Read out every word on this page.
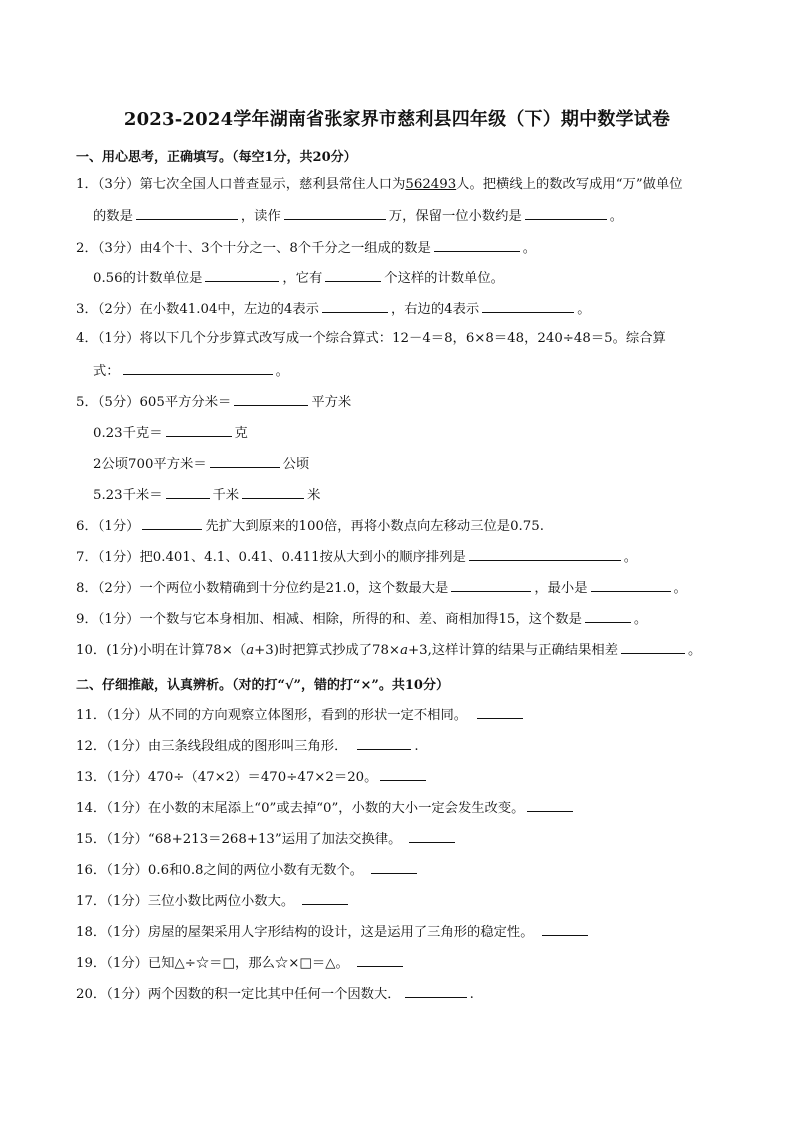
2023-2024学年湖南省张家界市慈利县四年级（下）期中数学试卷
一、用心思考，正确填写。（每空1分，共20分）
1．（3分）第七次全国人口普查显示，慈利县常住人口为562493人。把横线上的数改写成用“万”做单位
的数是	，读作	万，保留一位小数约是	。
2．（3分）由4个十、3个十分之一、8个千分之一组成的数是	。
0.56的计数单位是	，它有	个这样的计数单位。
3．（2分）在小数41.04中，左边的4表示	，右边的4表示	。
4．（1分）将以下几个分步算式改写成一个综合算式：12－4＝8，6×8＝48，240÷48＝5。综合算
式：	。
5．（5分）605平方分米＝	平方米
0.23千克＝	克
2公顷700平方米＝	公顷
5.23千米＝	千米	米
6．（1分）	先扩大到原来的100倍，再将小数点向左移动三位是0.75.
7．（1分）把0.401、4.1、0.41、0.411按从大到小的顺序排列是	。
8．（2分）一个两位小数精确到十分位约是21.0，这个数最大是	，最小是	。
9．（1分）一个数与它本身相加、相减、相除，所得的和、差、商相加得15，这个数是	。
10．(1分)小明在计算78×（a+3)时把算式抄成了78×a+3,这样计算的结果与正确结果相差	。
二、仔细推敲，认真辨析。（对的打“√”，错的打“×”。共10分）
11．（1分）从不同的方向观察立体图形，看到的形状一定不相同。
12．（1分）由三条线段组成的图形叫三角形．	.
13．（1分）470÷（47×2）＝470÷47×2＝20。
14．（1分）在小数的末尾添上“0”或去掉“0”，小数的大小一定会发生改变。
15．（1分）“68+213＝268+13”运用了加法交换律。
16．（1分）0.6和0.8之间的两位小数有无数个。
17．（1分）三位小数比两位小数大。
18．（1分）房屋的屋架采用人字形结构的设计，这是运用了三角形的稳定性。
19．（1分）已知△÷☆＝□，那么☆×□＝△。
20．（1分）两个因数的积一定比其中任何一个因数大．	.
